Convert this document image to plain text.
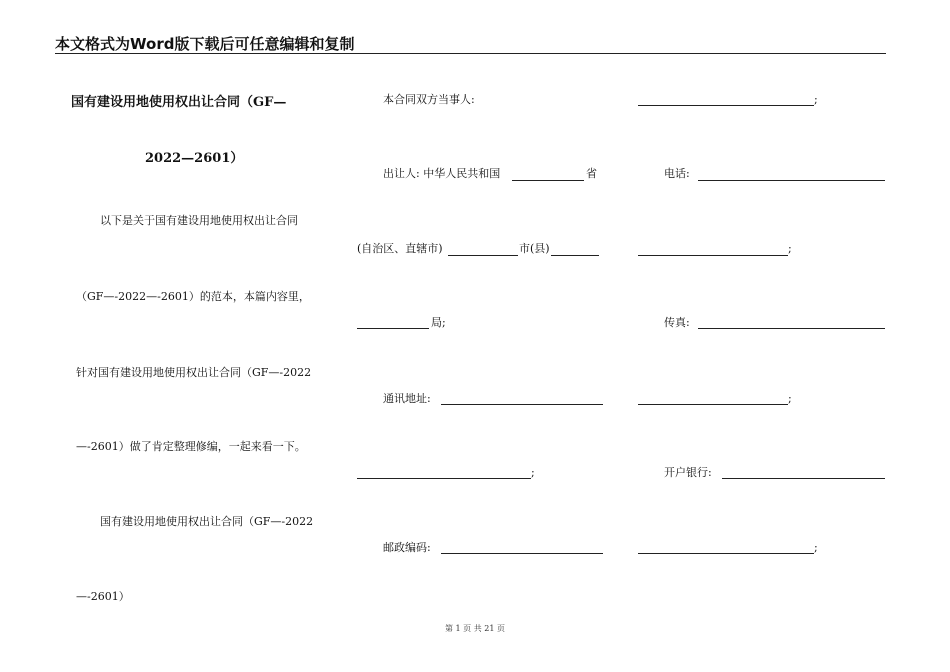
本文格式为Word版下载后可任意编辑和复制
国有建设用地使用权出让合同（GF—
2022—2601）
以下是关于国有建设用地使用权出让合同
（GF—-2022—-2601）的范本，本篇内容里，
针对国有建设用地使用权出让合同（GF—-2022
—-2601）做了肯定整理修编，一起来看一下。
国有建设用地使用权出让合同（GF—-2022
—-2601）
本合同双方当事人:
出让人: 中华人民共和国	省
(自治区、直辖市)	市(县)
局;
通讯地址:
;
邮政编码:
;
电话:
;
传真:
;
开户银行:
;
第 1 页 共 21 页
